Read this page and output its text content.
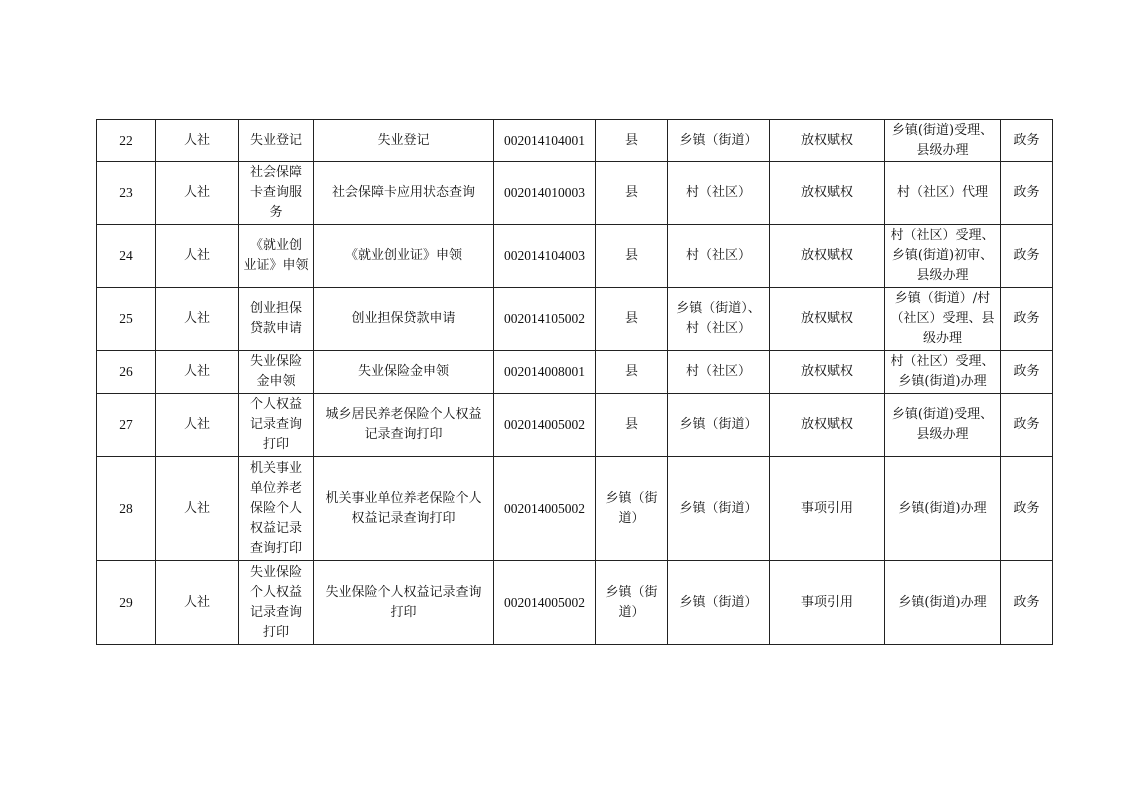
22	人社	失业登记	失业登记	002014104001	县	乡镇（街道）	放权赋权	乡镇(街道)受理、
县级办理	政务
23	人社	社会保障
卡查询服
务	社会保障卡应用状态查询	002014010003	县	村（社区）	放权赋权	村（社区）代理	政务
24	人社	《就业创
业证》申领	《就业创业证》申领	002014104003	县	村（社区）	放权赋权	村（社区）受理、
乡镇(街道)初审、
县级办理	政务
25	人社	创业担保
贷款申请	创业担保贷款申请	002014105002	县	乡镇（街道）、
村（社区）	放权赋权	乡镇（街道）/村
（社区）受理、县
级办理	政务
26	人社	失业保险
金申领	失业保险金申领	002014008001	县	村（社区）	放权赋权	村（社区）受理、
乡镇(街道)办理	政务
27	人社	个人权益
记录查询
打印	城乡居民养老保险个人权益
记录查询打印	002014005002	县	乡镇（街道）	放权赋权	乡镇(街道)受理、
县级办理	政务
28	人社	机关事业
单位养老
保险个人
权益记录
查询打印	机关事业单位养老保险个人
权益记录查询打印	002014005002	乡镇（街
道）	乡镇（街道）	事项引用	乡镇(街道)办理	政务
29	人社	失业保险
个人权益
记录查询
打印	失业保险个人权益记录查询
打印	002014005002	乡镇（街
道）	乡镇（街道）	事项引用	乡镇(街道)办理	政务
